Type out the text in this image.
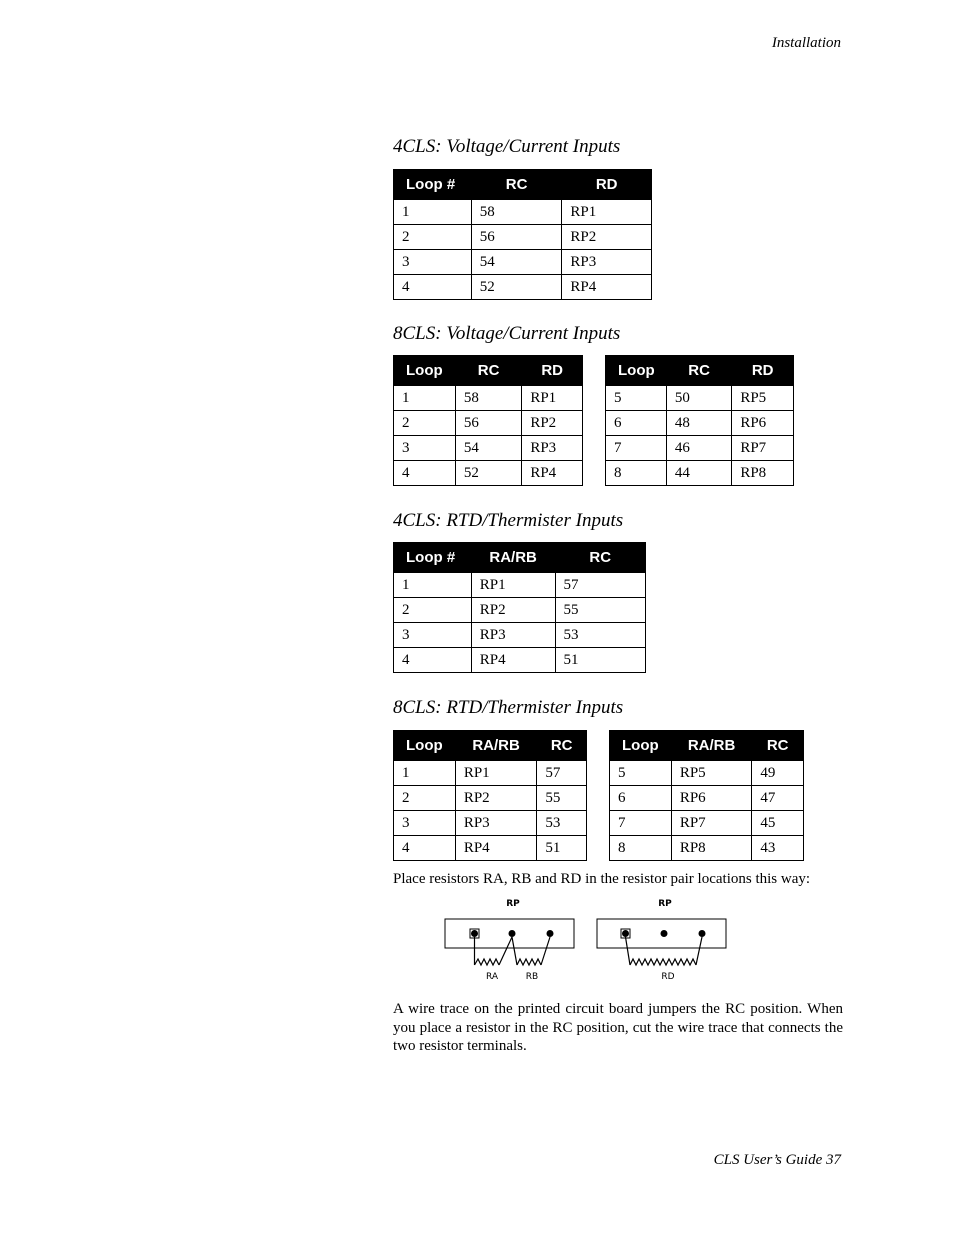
Installation
4CLS: Voltage/Current Inputs
Loop #	RC	RD
1	58	RP1
2	56	RP2
3	54	RP3
4	52	RP4
8CLS: Voltage/Current Inputs
Loop	RC	RD
1	58	RP1
2	56	RP2
3	54	RP3
4	52	RP4
Loop	RC	RD
5	50	RP5
6	48	RP6
7	46	RP7
8	44	RP8
4CLS: RTD/Thermister Inputs
Loop #	RA/RB	RC
1	RP1	57
2	RP2	55
3	RP3	53
4	RP4	51
8CLS: RTD/Thermister Inputs
Loop	RA/RB	RC
1	RP1	57
2	RP2	55
3	RP3	53
4	RP4	51
Loop	RA/RB	RC
5	RP5	49
6	RP6	47
7	RP7	45
8	RP8	43
Place resistors RA, RB and RD in the resistor pair locations this way:
RP
RA	RB
RP
RD
A wire trace on the printed circuit board jumpers the RC position. When you place a resistor in the RC position, cut the wire trace that connects the two resistor terminals.
CLS User’s Guide 37
